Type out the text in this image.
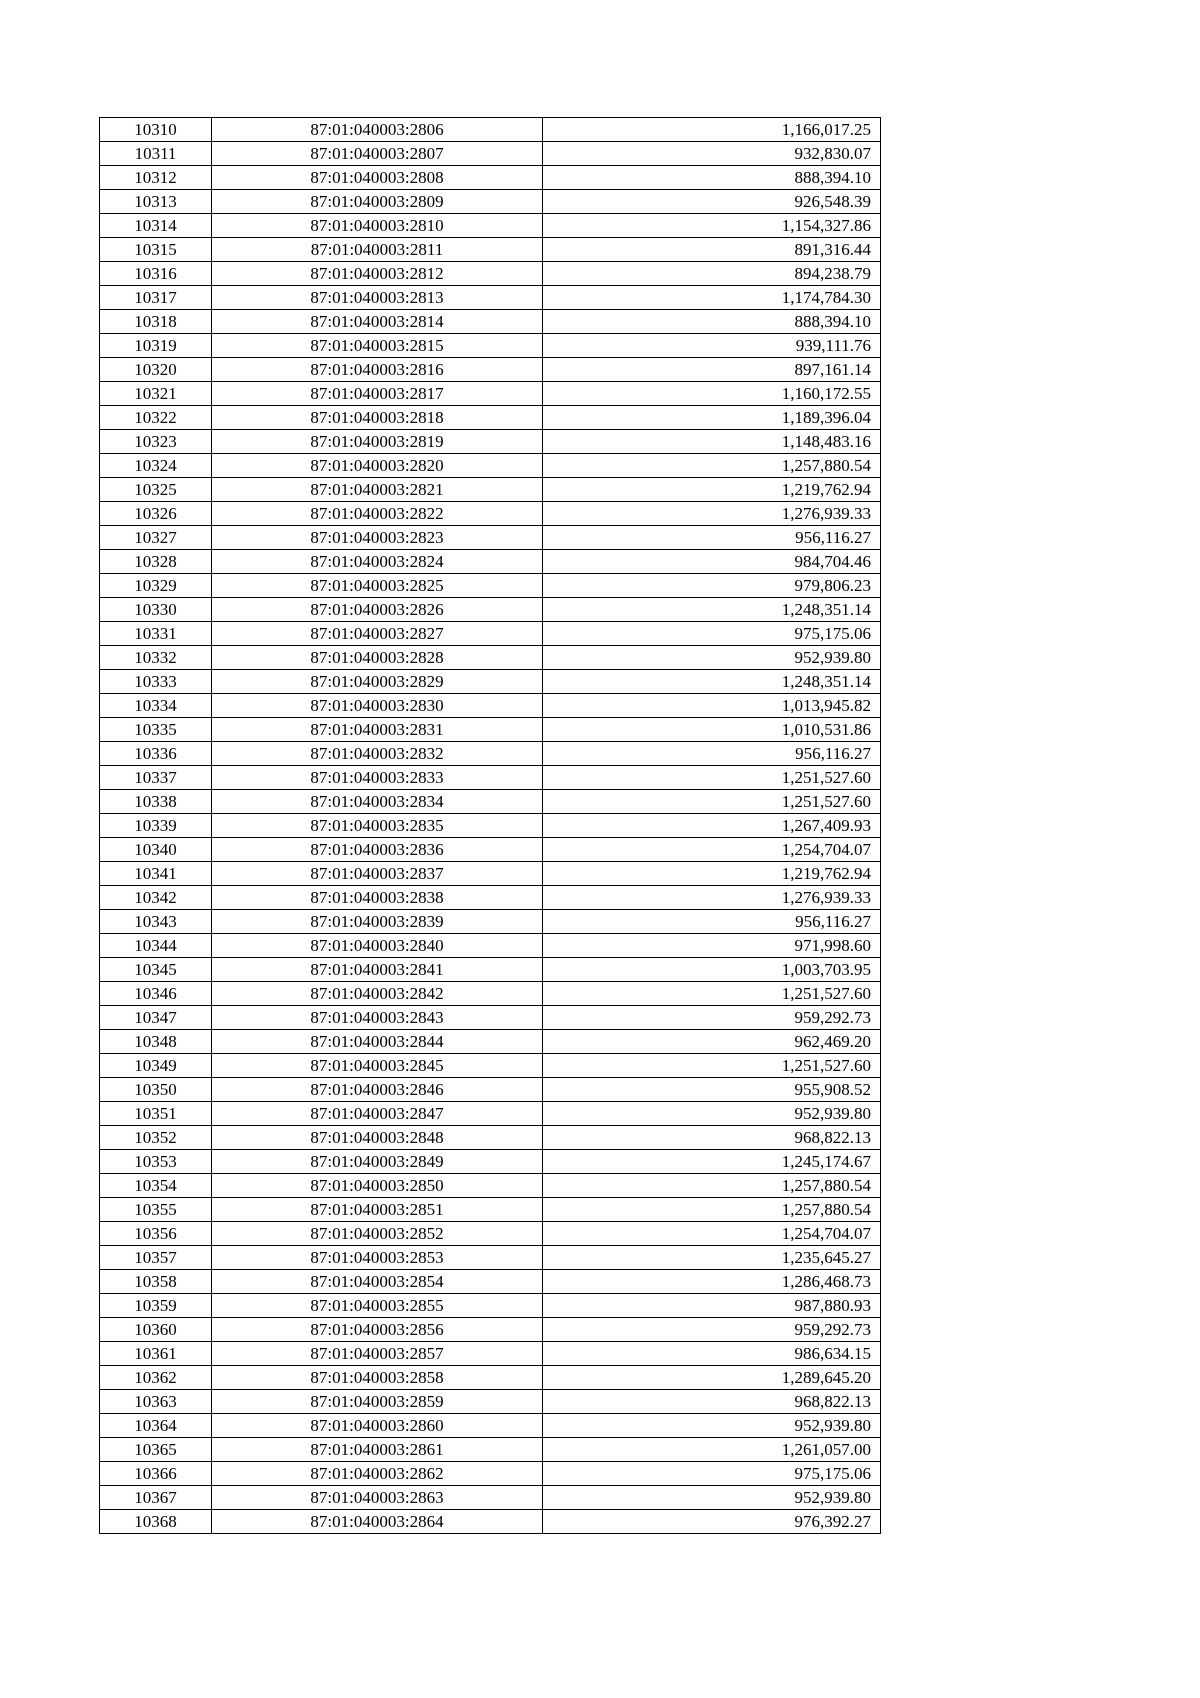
10310	87:01:040003:2806	1,166,017.25
10311	87:01:040003:2807	932,830.07
10312	87:01:040003:2808	888,394.10
10313	87:01:040003:2809	926,548.39
10314	87:01:040003:2810	1,154,327.86
10315	87:01:040003:2811	891,316.44
10316	87:01:040003:2812	894,238.79
10317	87:01:040003:2813	1,174,784.30
10318	87:01:040003:2814	888,394.10
10319	87:01:040003:2815	939,111.76
10320	87:01:040003:2816	897,161.14
10321	87:01:040003:2817	1,160,172.55
10322	87:01:040003:2818	1,189,396.04
10323	87:01:040003:2819	1,148,483.16
10324	87:01:040003:2820	1,257,880.54
10325	87:01:040003:2821	1,219,762.94
10326	87:01:040003:2822	1,276,939.33
10327	87:01:040003:2823	956,116.27
10328	87:01:040003:2824	984,704.46
10329	87:01:040003:2825	979,806.23
10330	87:01:040003:2826	1,248,351.14
10331	87:01:040003:2827	975,175.06
10332	87:01:040003:2828	952,939.80
10333	87:01:040003:2829	1,248,351.14
10334	87:01:040003:2830	1,013,945.82
10335	87:01:040003:2831	1,010,531.86
10336	87:01:040003:2832	956,116.27
10337	87:01:040003:2833	1,251,527.60
10338	87:01:040003:2834	1,251,527.60
10339	87:01:040003:2835	1,267,409.93
10340	87:01:040003:2836	1,254,704.07
10341	87:01:040003:2837	1,219,762.94
10342	87:01:040003:2838	1,276,939.33
10343	87:01:040003:2839	956,116.27
10344	87:01:040003:2840	971,998.60
10345	87:01:040003:2841	1,003,703.95
10346	87:01:040003:2842	1,251,527.60
10347	87:01:040003:2843	959,292.73
10348	87:01:040003:2844	962,469.20
10349	87:01:040003:2845	1,251,527.60
10350	87:01:040003:2846	955,908.52
10351	87:01:040003:2847	952,939.80
10352	87:01:040003:2848	968,822.13
10353	87:01:040003:2849	1,245,174.67
10354	87:01:040003:2850	1,257,880.54
10355	87:01:040003:2851	1,257,880.54
10356	87:01:040003:2852	1,254,704.07
10357	87:01:040003:2853	1,235,645.27
10358	87:01:040003:2854	1,286,468.73
10359	87:01:040003:2855	987,880.93
10360	87:01:040003:2856	959,292.73
10361	87:01:040003:2857	986,634.15
10362	87:01:040003:2858	1,289,645.20
10363	87:01:040003:2859	968,822.13
10364	87:01:040003:2860	952,939.80
10365	87:01:040003:2861	1,261,057.00
10366	87:01:040003:2862	975,175.06
10367	87:01:040003:2863	952,939.80
10368	87:01:040003:2864	976,392.27
